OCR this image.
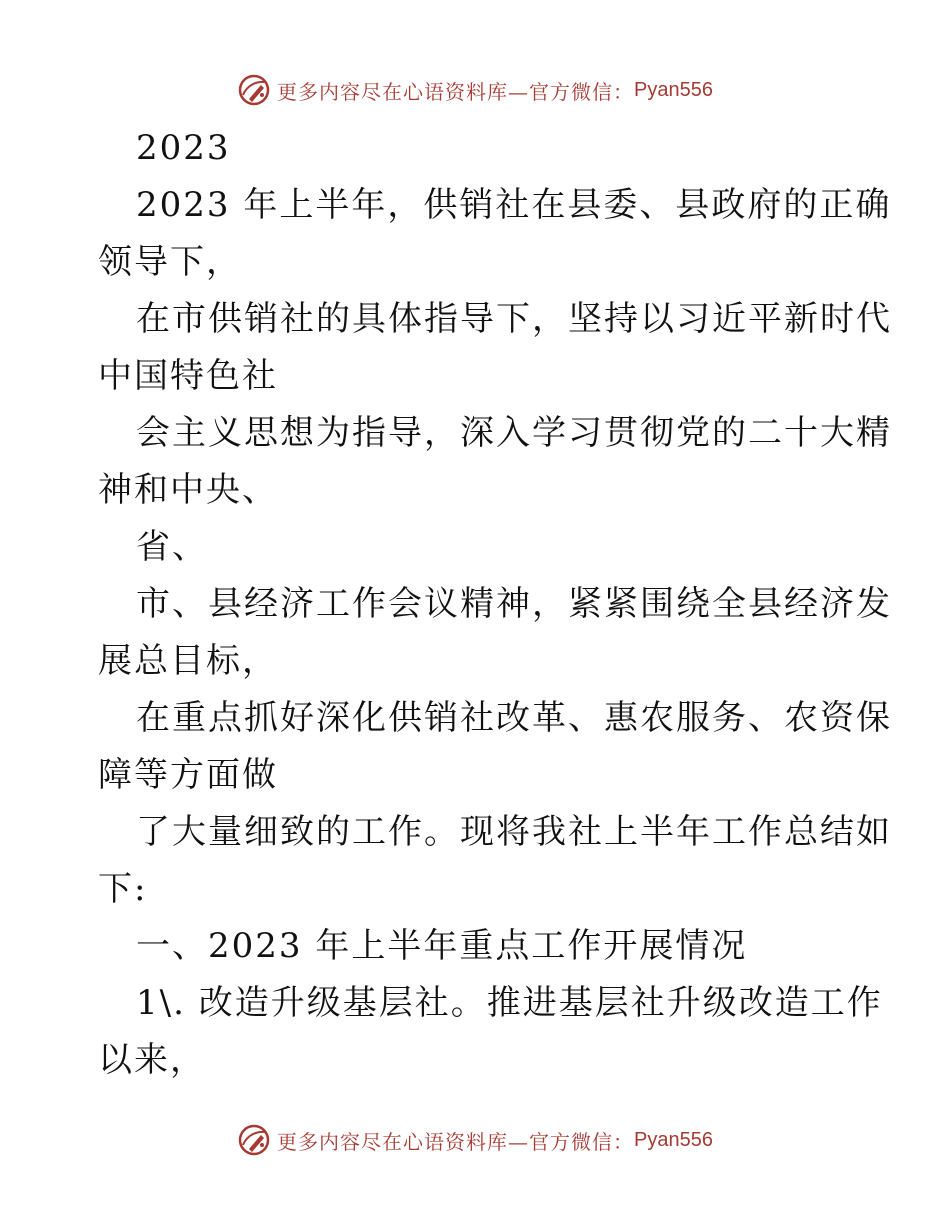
更多内容尽在心语资料库—官方微信： Pyan556
2023
2023 年上半年，供销社在县委、县政府的正确
领导下，
在市供销社的具体指导下，坚持以习近平新时代
中国特色社
会主义思想为指导，深入学习贯彻党的二十大精
神和中央、
省、
市、县经济工作会议精神，紧紧围绕全县经济发
展总目标，
在重点抓好深化供销社改革、惠农服务、农资保
障等方面做
了大量细致的工作。现将我社上半年工作总结如
下:
一、2023 年上半年重点工作开展情况
1\. 改造升级基层社。推进基层社升级改造工作
以来，
更多内容尽在心语资料库—官方微信： Pyan556
